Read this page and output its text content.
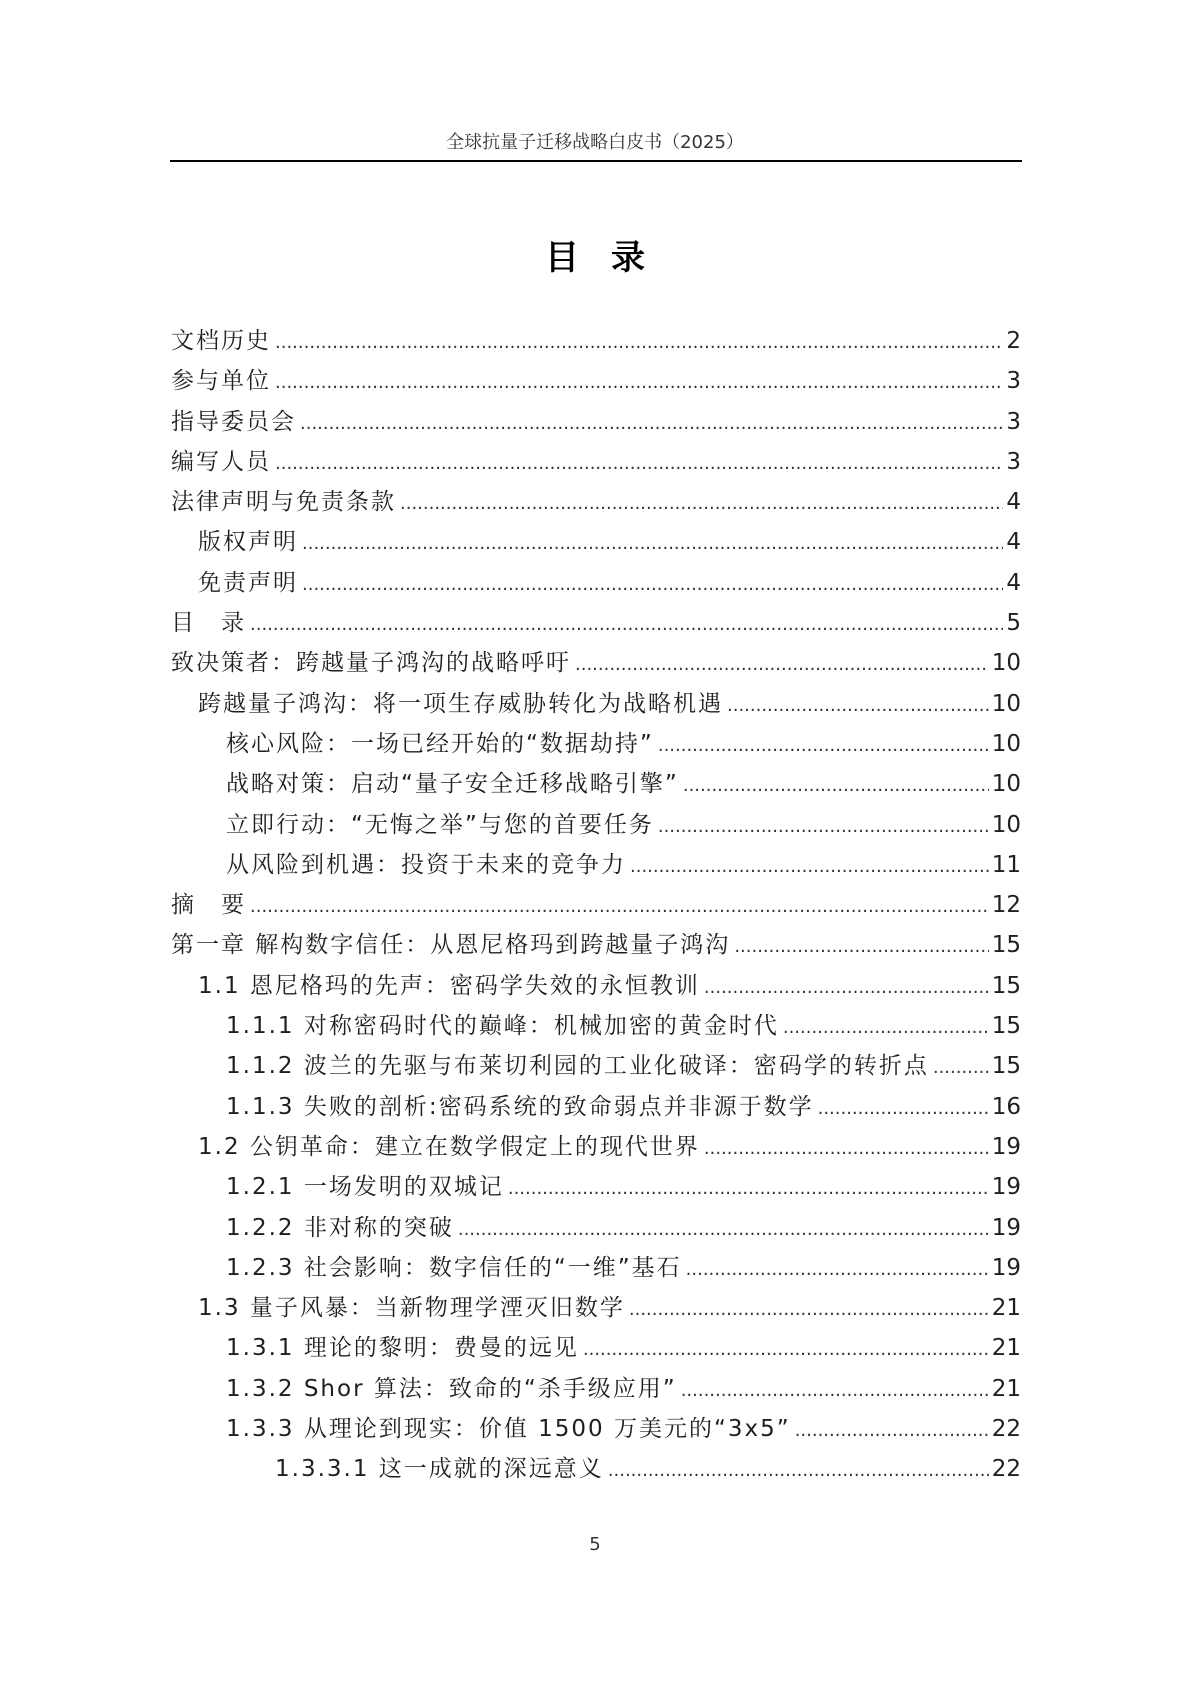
全球抗量子迁移战略白皮书（2025）
目录
文档历史 .....	2
参与单位 .....	3
指导委员会 .....	3
编写人员 .....	3
法律声明与免责条款 .....	4
版权声明 .....	4
免责声明 .....	4
目　录 .....	5
致决策者：跨越量子鸿沟的战略呼吁 .....	10
跨越量子鸿沟：将一项生存威胁转化为战略机遇 .....	10
核心风险：一场已经开始的“数据劫持” .....	10
战略对策：启动“量子安全迁移战略引擎” .....	10
立即行动：“无悔之举”与您的首要任务 .....	10
从风险到机遇：投资于未来的竞争力 .....	11
摘　要 .....	12
第一章 解构数字信任：从恩尼格玛到跨越量子鸿沟 .....	15
1.1 恩尼格玛的先声：密码学失效的永恒教训 .....	15
1.1.1 对称密码时代的巅峰：机械加密的黄金时代 .....	15
1.1.2 波兰的先驱与布莱切利园的工业化破译：密码学的转折点 .....	15
1.1.3 失败的剖析:密码系统的致命弱点并非源于数学 .....	16
1.2 公钥革命：建立在数学假定上的现代世界 .....	19
1.2.1 一场发明的双城记 .....	19
1.2.2 非对称的突破 .....	19
1.2.3 社会影响：数字信任的“一维”基石 .....	19
1.3 量子风暴：当新物理学湮灭旧数学 .....	21
1.3.1 理论的黎明：费曼的远见 .....	21
1.3.2 Shor 算法：致命的“杀手级应用” .....	21
1.3.3 从理论到现实：价值 1500 万美元的“3x5” .....	22
1.3.3.1 这一成就的深远意义 .....	22
5
